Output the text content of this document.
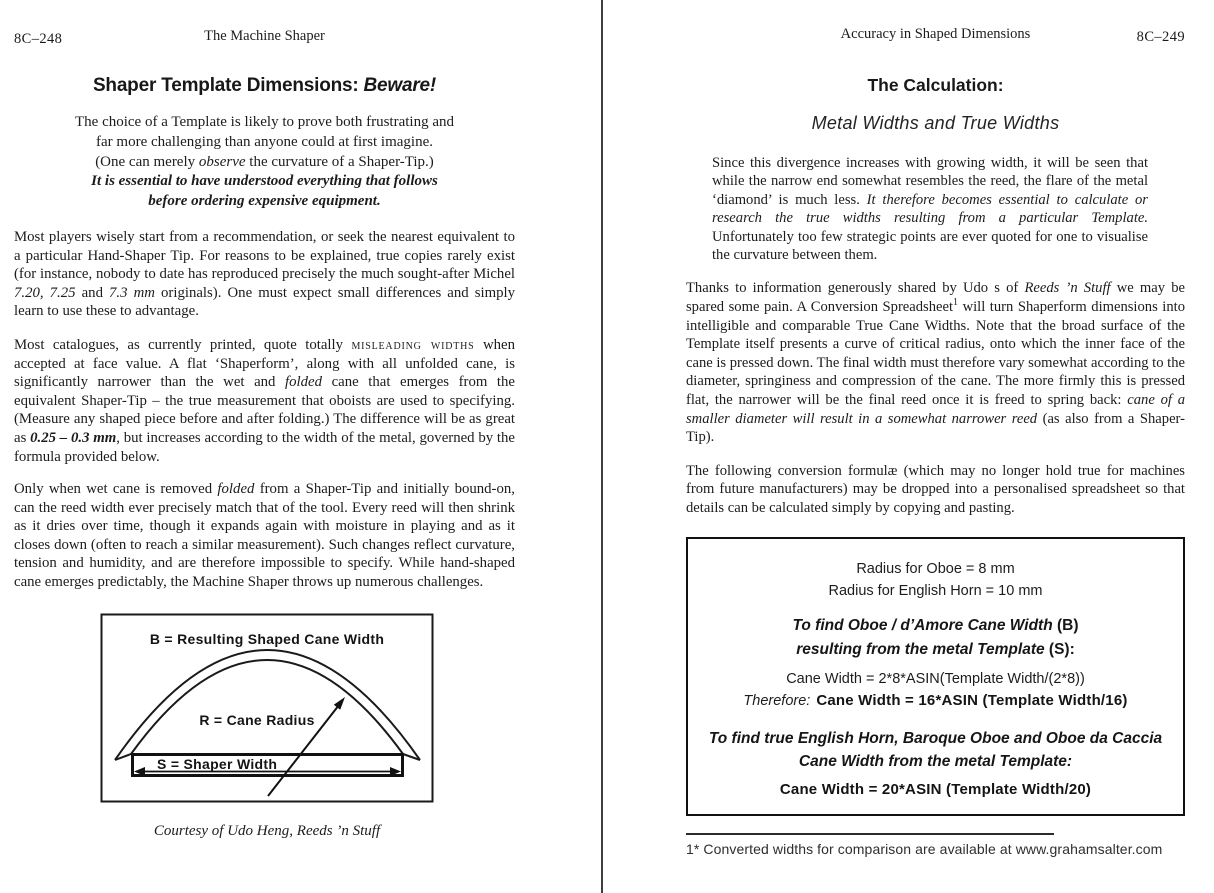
8C–248	The Machine Shaper
Shaper Template Dimensions: Beware!
The choice of a Template is likely to prove both frustrating and
far more challenging than anyone could at first imagine.
(One can merely observe the curvature of a Shaper-Tip.)
It is essential to have understood everything that follows
before ordering expensive equipment.

Most players wisely start from a recommendation, or seek the nearest equivalent to a particular Hand-Shaper Tip. For reasons to be explained, true copies rarely exist (for instance, nobody to date has reproduced precisely the much sought-after Michel 7.20, 7.25 and 7.3 mm originals). One must expect small differences and simply learn to use these to advantage.

Most catalogues, as currently printed, quote totally misleading widths when accepted at face value. A flat ‘Shaperform’, along with all unfolded cane, is significantly narrower than the wet and folded cane that emerges from the equivalent Shaper-Tip – the true measurement that oboists are used to specifying. (Measure any shaped piece before and after folding.) The difference will be as great as 0.25 – 0.3 mm, but increases according to the width of the metal, governed by the formula provided below.

Only when wet cane is removed folded from a Shaper-Tip and initially bound-on, can the reed width ever precisely match that of the tool. Every reed will then shrink as it dries over time, though it expands again with moisture in playing and as it closes down (often to reach a similar measurement). Such changes reflect curvature, tension and humidity, and are therefore impossible to specify. While hand-shaped cane emerges predictably, the Machine Shaper throws up numerous challenges.

B = Resulting Shaped Cane Width
R = Cane Radius
S = Shaper Width
Courtesy of Udo Heng, Reeds ’n Stuff
Accuracy in Shaped Dimensions	8C–249
The Calculation:
Metal Widths and True Widths

Since this divergence increases with growing width, it will be seen that while the narrow end somewhat resembles the reed, the flare of the metal ‘diamond’ is much less. It therefore becomes essential to calculate or research the true widths resulting from a particular Template. Unfortunately too few strategic points are ever quoted for one to visualise the curvature between them.

Thanks to information generously shared by Udo s of Reeds ’n Stuff we may be spared some pain. A Conversion Spreadsheet$^1$ will turn Shaperform dimensions into intelligible and comparable True Cane Widths. Note that the broad surface of the Template itself presents a curve of critical radius, onto which the inner face of the cane is pressed down. The final width must therefore vary somewhat according to the diameter, springiness and compression of the cane. The more firmly this is pressed flat, the narrower will be the final reed once it is freed to spring back: cane of a smaller diameter will result in a somewhat narrower reed (as also from a Shaper-Tip).

The following conversion formulæ (which may no longer hold true for machines from future manufacturers) may be dropped into a personalised spreadsheet so that details can be calculated simply by copying and pasting.

Radius for Oboe = 8 mm
Radius for English Horn = 10 mm
To find Oboe / d’Amore Cane Width (B)
resulting from the metal Template (S):
Cane Width = 2*8*ASIN(Template Width/(2*8))
Therefore: Cane Width = 16*ASIN (Template Width/16)
To find true English Horn, Baroque Oboe and Oboe da Caccia
Cane Width from the metal Template:
Cane Width = 20*ASIN (Template Width/20)
1* Converted widths for comparison are available at www.grahamsalter.com
